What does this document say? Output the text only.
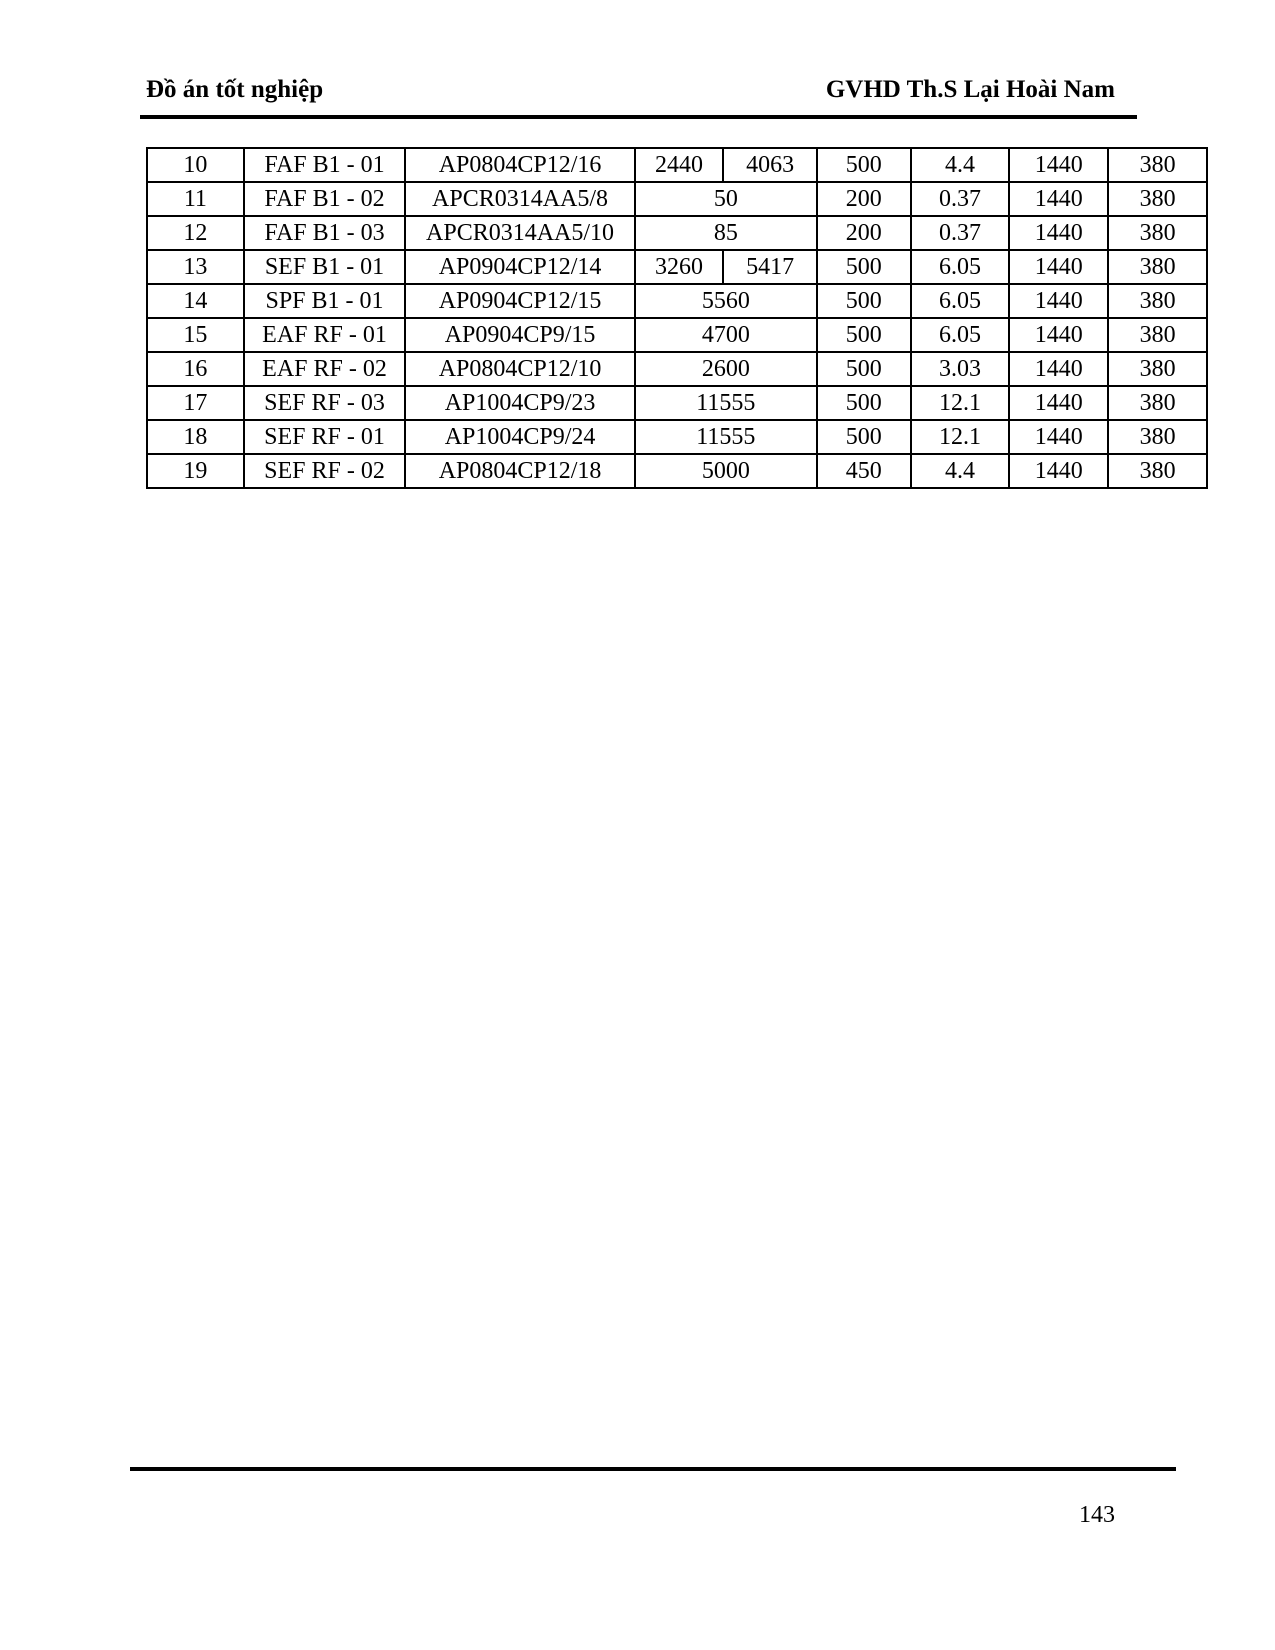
Đồ án tốt nghiệp	GVHD Th.S Lại Hoài Nam
10	FAF B1 - 01	AP0804CP12/16	2440	4063	500	4.4	1440	380
11	FAF B1 - 02	APCR0314AA5/8	50		200	0.37	1440	380
12	FAF B1 - 03	APCR0314AA5/10	85		200	0.37	1440	380
13	SEF B1 - 01	AP0904CP12/14	3260	5417	500	6.05	1440	380
14	SPF B1 - 01	AP0904CP12/15	5560		500	6.05	1440	380
15	EAF RF - 01	AP0904CP9/15	4700		500	6.05	1440	380
16	EAF RF - 02	AP0804CP12/10	2600		500	3.03	1440	380
17	SEF RF - 03	AP1004CP9/23	11555		500	12.1	1440	380
18	SEF RF - 01	AP1004CP9/24	11555		500	12.1	1440	380
19	SEF RF - 02	AP0804CP12/18	5000		450	4.4	1440	380
143
